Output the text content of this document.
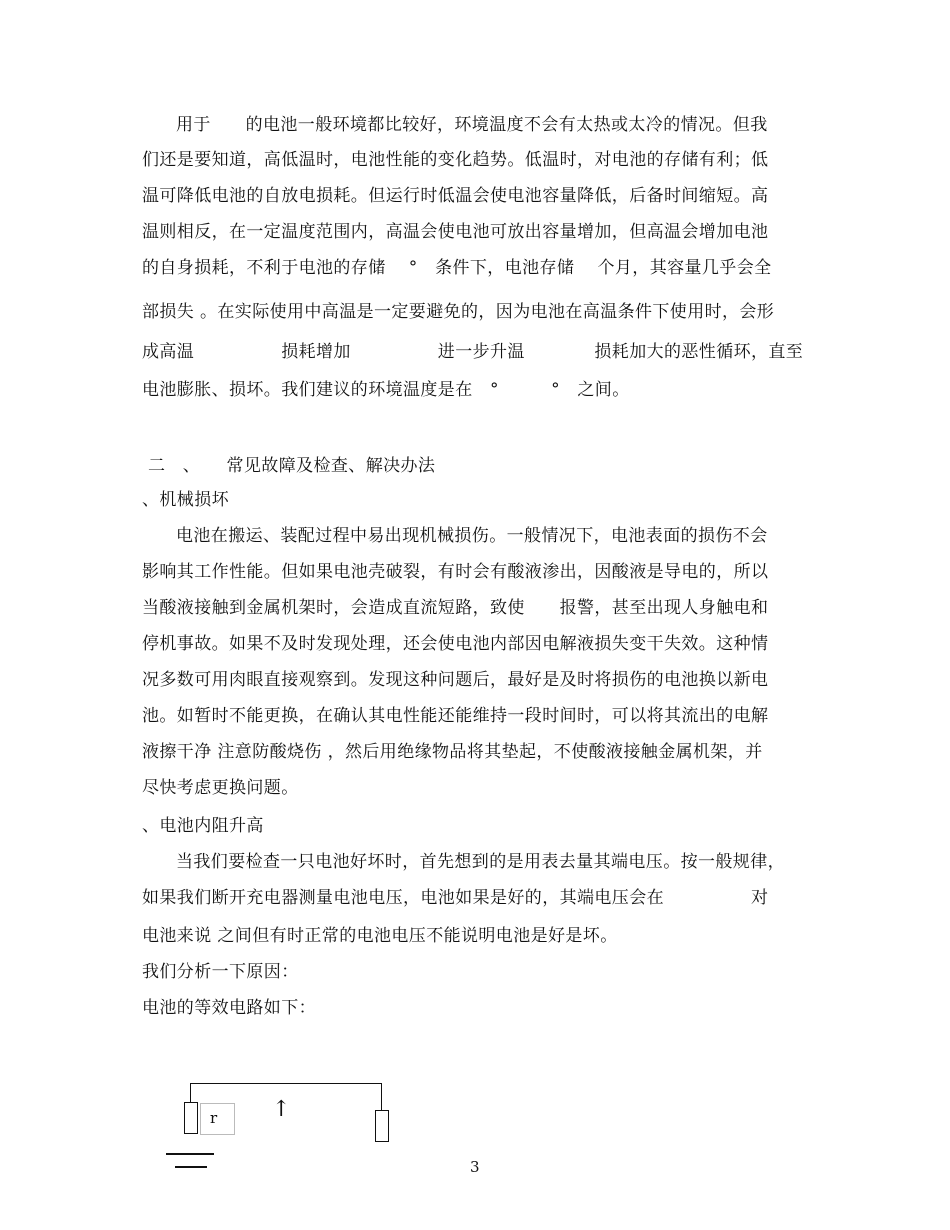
用于　　的电池一般环境都比较好，环境温度不会有太热或太冷的情况。但我
们还是要知道，高低温时，电池性能的变化趋势。低温时，对电池的存储有利；低
温可降低电池的自放电损耗。但运行时低温会使电池容量降低，后备时间缩短。高
温则相反，在一定温度范围内，高温会使电池可放出容量增加，但高温会增加电池
的自身损耗，不利于电池的存储　 °　条件下，电池存储　 个月，其容量几乎会全
部损失 。在实际使用中高温是一定要避免的，因为电池在高温条件下使用时，会形
成高温　　　　　损耗增加　　　　　进一步升温　　　　损耗加大的恶性循环，直至
电池膨胀、损坏。我们建议的环境温度是在　°　　　°　之间。
二　、　　常见故障及检查、解决办法
、机械损坏
电池在搬运、装配过程中易出现机械损伤。一般情况下，电池表面的损伤不会
影响其工作性能。但如果电池壳破裂，有时会有酸液渗出，因酸液是导电的，所以
当酸液接触到金属机架时，会造成直流短路，致使　　报警，甚至出现人身触电和
停机事故。如果不及时发现处理，还会使电池内部因电解液损失变干失效。这种情
况多数可用肉眼直接观察到。发现这种问题后，最好是及时将损伤的电池换以新电
池。如暂时不能更换，在确认其电性能还能维持一段时间时，可以将其流出的电解
液擦干净 注意防酸烧伤 ，然后用绝缘物品将其垫起，不使酸液接触金属机架，并
尽快考虑更换问题。
、电池内阻升高
当我们要检查一只电池好坏时，首先想到的是用表去量其端电压。按一般规律，
如果我们断开充电器测量电池电压，电池如果是好的，其端电压会在　　　　　对
电池来说 之间但有时正常的电池电压不能说明电池是好是坏。
我们分析一下原因：
电池的等效电路如下：
r	↑
3
